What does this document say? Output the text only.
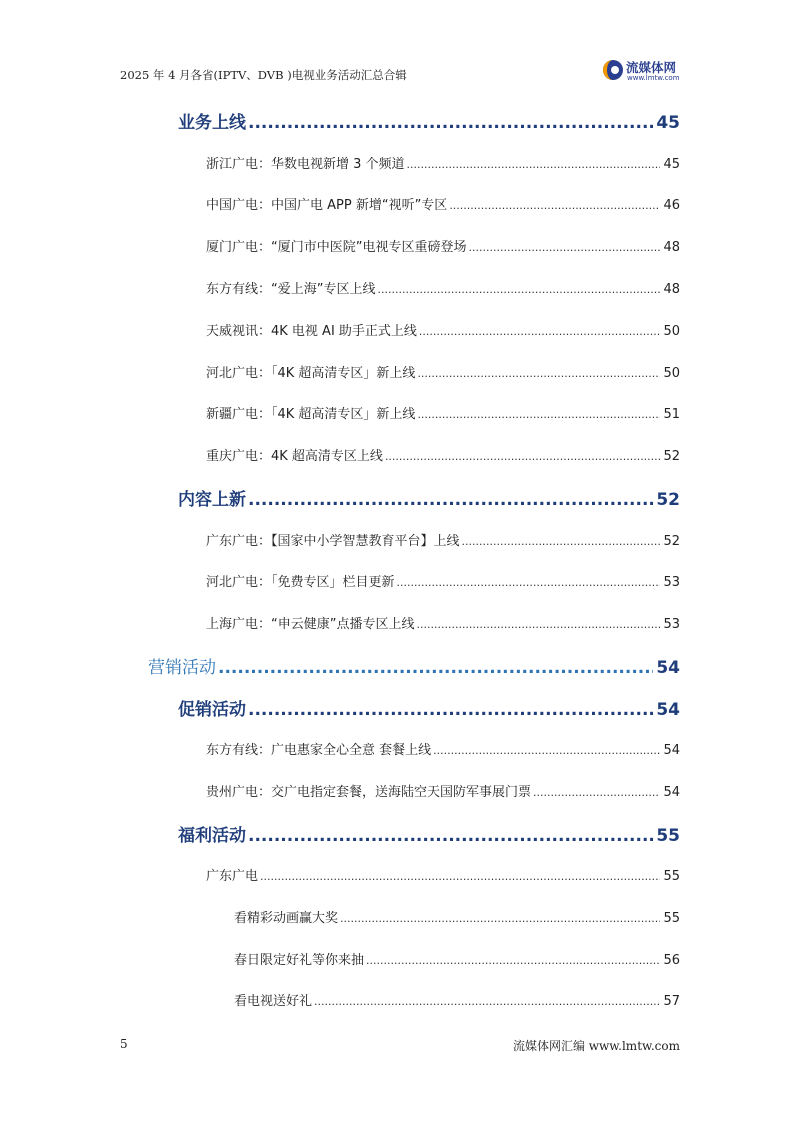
2025 年 4 月各省(IPTV、DVB )电视业务活动汇总合辑	流媒体网
www.lmtw.com
业务上线 .....	45
浙江广电：华数电视新增 3 个频道 .....	45
中国广电：中国广电 APP 新增“视听”专区 .....	46
厦门广电：“厦门市中医院”电视专区重磅登场 .....	48
东方有线：“爱上海”专区上线 .....	48
天威视讯：4K 电视 AI 助手正式上线 .....	50
河北广电：「4K 超高清专区」新上线 .....	50
新疆广电：「4K 超高清专区」新上线 .....	51
重庆广电：4K 超高清专区上线 .....	52
内容上新 .....	52
广东广电：【国家中小学智慧教育平台】上线 .....	52
河北广电：「免费专区」栏目更新 .....	53
上海广电：“申云健康”点播专区上线 .....	53
营销活动 .....	54
促销活动 .....	54
东方有线：广电惠家全心全意 套餐上线 .....	54
贵州广电：交广电指定套餐，送海陆空天国防军事展门票 .....	54
福利活动 .....	55
广东广电 .....	55
看精彩动画赢大奖 .....	55
春日限定好礼等你来抽 .....	56
看电视送好礼 .....	57
5	流媒体网汇编 www.lmtw.com
